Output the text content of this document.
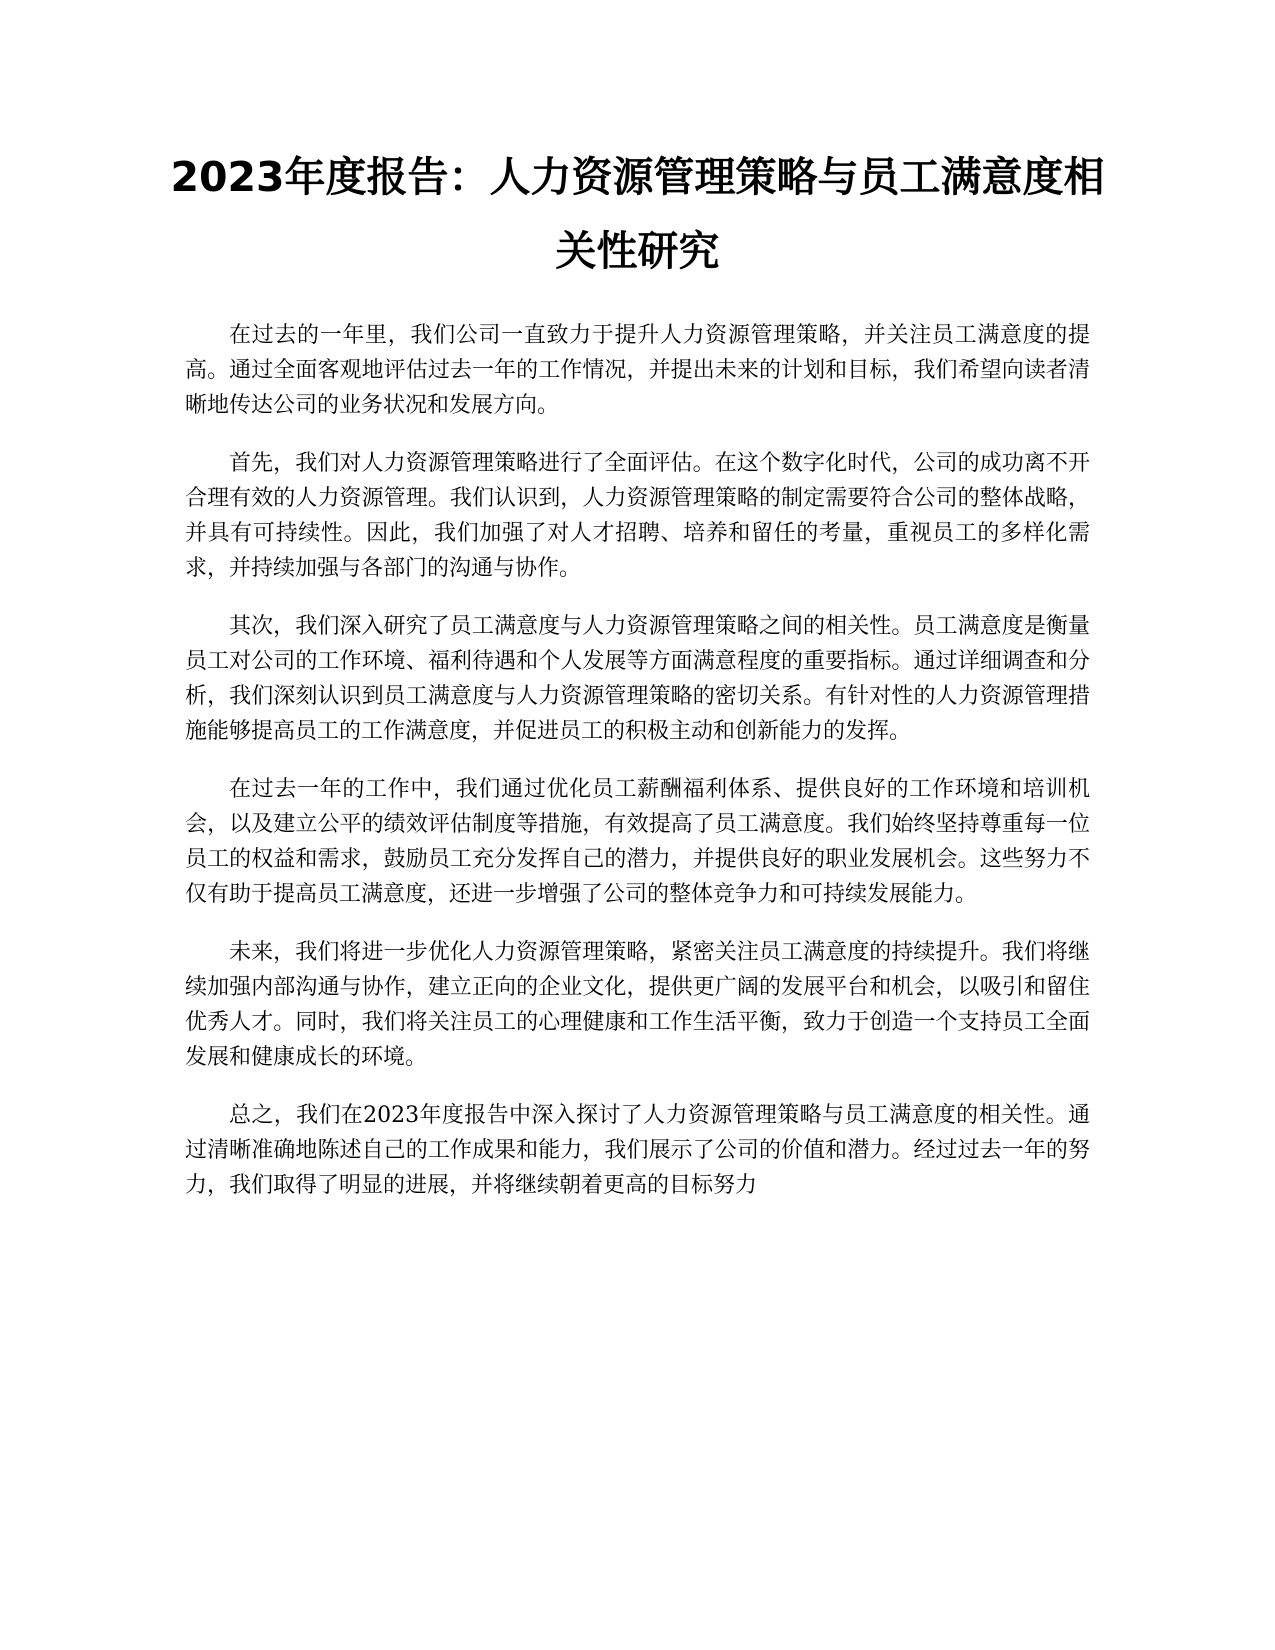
2023年度报告：人力资源管理策略与员工满意度相关性研究

在过去的一年里，我们公司一直致力于提升人力资源管理策略，并关注员工满意度的提高。通过全面客观地评估过去一年的工作情况，并提出未来的计划和目标，我们希望向读者清晰地传达公司的业务状况和发展方向。

首先，我们对人力资源管理策略进行了全面评估。在这个数字化时代，公司的成功离不开合理有效的人力资源管理。我们认识到，人力资源管理策略的制定需要符合公司的整体战略，并具有可持续性。因此，我们加强了对人才招聘、培养和留任的考量，重视员工的多样化需求，并持续加强与各部门的沟通与协作。

其次，我们深入研究了员工满意度与人力资源管理策略之间的相关性。员工满意度是衡量员工对公司的工作环境、福利待遇和个人发展等方面满意程度的重要指标。通过详细调查和分析，我们深刻认识到员工满意度与人力资源管理策略的密切关系。有针对性的人力资源管理措施能够提高员工的工作满意度，并促进员工的积极主动和创新能力的发挥。

在过去一年的工作中，我们通过优化员工薪酬福利体系、提供良好的工作环境和培训机会，以及建立公平的绩效评估制度等措施，有效提高了员工满意度。我们始终坚持尊重每一位员工的权益和需求，鼓励员工充分发挥自己的潜力，并提供良好的职业发展机会。这些努力不仅有助于提高员工满意度，还进一步增强了公司的整体竞争力和可持续发展能力。

未来，我们将进一步优化人力资源管理策略，紧密关注员工满意度的持续提升。我们将继续加强内部沟通与协作，建立正向的企业文化，提供更广阔的发展平台和机会，以吸引和留住优秀人才。同时，我们将关注员工的心理健康和工作生活平衡，致力于创造一个支持员工全面发展和健康成长的环境。

总之，我们在2023年度报告中深入探讨了人力资源管理策略与员工满意度的相关性。通过清晰准确地陈述自己的工作成果和能力，我们展示了公司的价值和潜力。经过过去一年的努力，我们取得了明显的进展，并将继续朝着更高的目标努力
